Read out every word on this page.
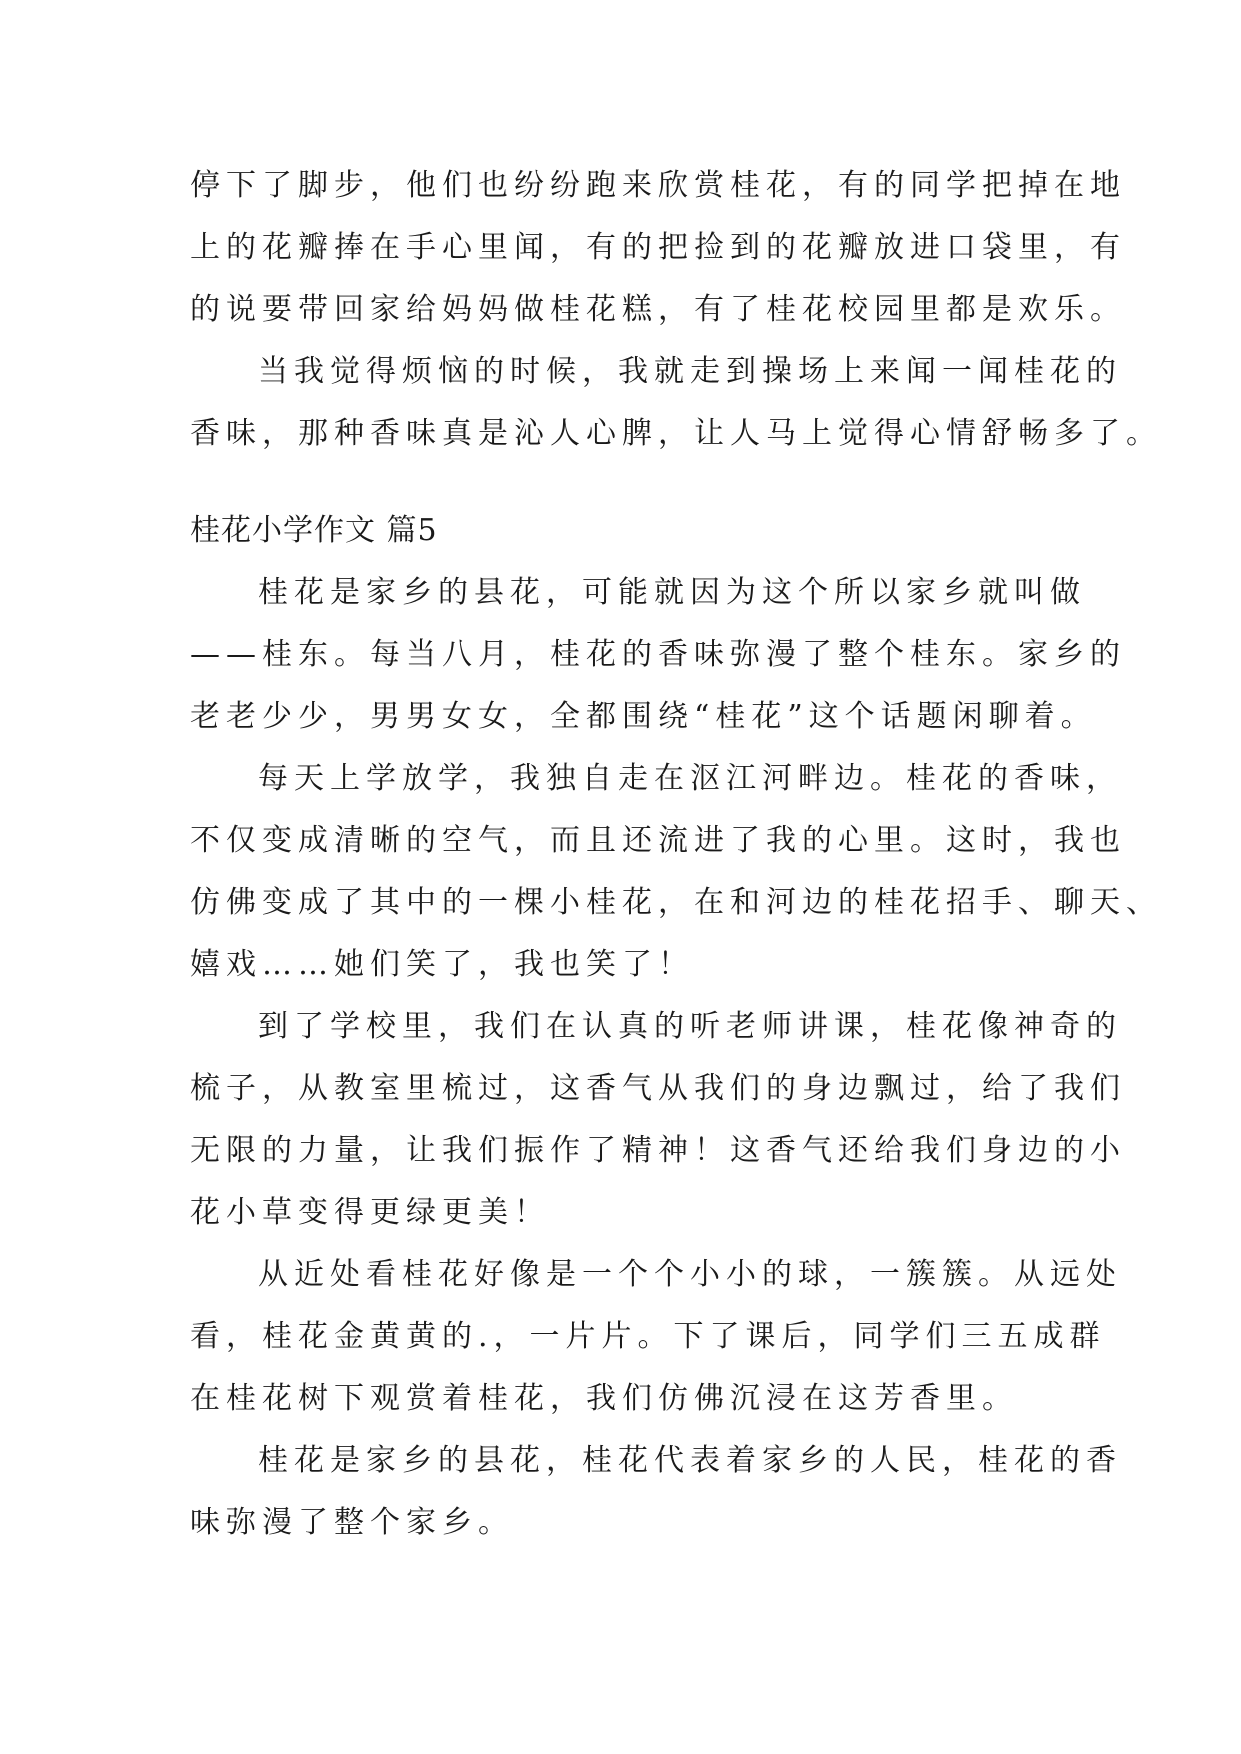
停下了脚步，他们也纷纷跑来欣赏桂花，有的同学把掉在地
上的花瓣捧在手心里闻，有的把捡到的花瓣放进口袋里，有
的说要带回家给妈妈做桂花糕，有了桂花校园里都是欢乐。
当我觉得烦恼的时候，我就走到操场上来闻一闻桂花的
香味，那种香味真是沁人心脾，让人马上觉得心情舒畅多了。
桂花小学作文 篇5
桂花是家乡的县花，可能就因为这个所以家乡就叫做
——桂东。每当八月，桂花的香味弥漫了整个桂东。家乡的
老老少少，男男女女，全都围绕“桂花”这个话题闲聊着。
每天上学放学，我独自走在沤江河畔边。桂花的香味，
不仅变成清晰的空气，而且还流进了我的心里。这时，我也
仿佛变成了其中的一棵小桂花，在和河边的桂花招手、聊天、
嬉戏……她们笑了，我也笑了！
到了学校里，我们在认真的听老师讲课，桂花像神奇的
梳子，从教室里梳过，这香气从我们的身边飘过，给了我们
无限的力量，让我们振作了精神！这香气还给我们身边的小
花小草变得更绿更美！
从近处看桂花好像是一个个小小的球，一簇簇。从远处
看，桂花金黄黄的.，一片片。下了课后，同学们三五成群
在桂花树下观赏着桂花，我们仿佛沉浸在这芳香里。
桂花是家乡的县花，桂花代表着家乡的人民，桂花的香
味弥漫了整个家乡。
